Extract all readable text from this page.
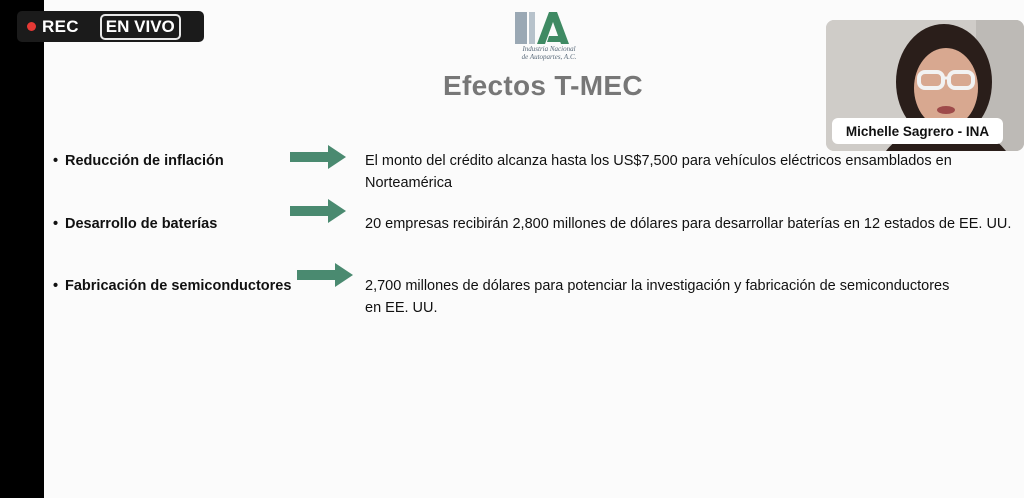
REC	EN VIVO
Industria Nacional
de Autopartes, A.C.
Efectos T-MEC
• Reducción de inflación	El monto del crédito alcanza hasta los US$7,500 para vehículos eléctricos ensamblados en
Norteamérica
• Desarrollo de baterías	20 empresas recibirán 2,800 millones de dólares para desarrollar baterías en 12 estados de EE. UU.
• Fabricación de semiconductores	2,700 millones de dólares para potenciar la investigación y fabricación de semiconductores
en EE. UU.
Michelle Sagrero - INA
